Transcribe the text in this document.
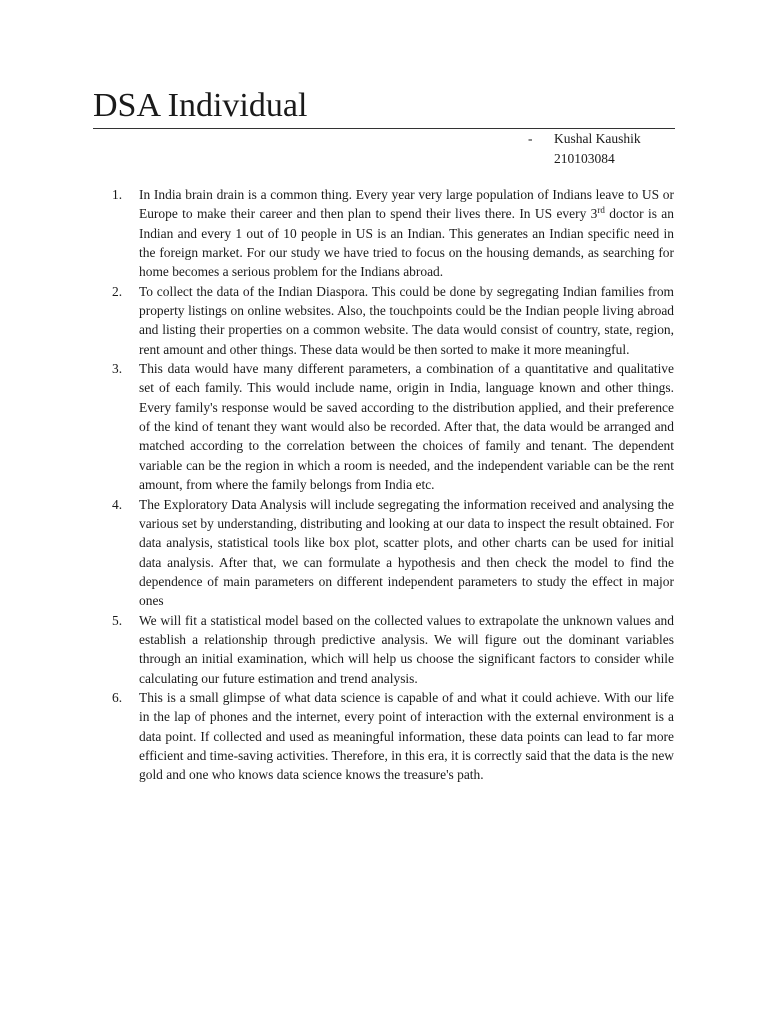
DSA Individual
-	Kushal Kaushik
210103084
1.	In India brain drain is a common thing. Every year very large population of Indians leave to US or Europe to make their career and then plan to spend their lives there. In US every 3rd doctor is an Indian and every 1 out of 10 people in US is an Indian. This generates an Indian specific need in the foreign market. For our study we have tried to focus on the housing demands, as searching for home becomes a serious problem for the Indians abroad.
2.	To collect the data of the Indian Diaspora. This could be done by segregating Indian families from property listings on online websites. Also, the touchpoints could be the Indian people living abroad and listing their properties on a common website. The data would consist of country, state, region, rent amount and other things. These data would be then sorted to make it more meaningful.
3.	This data would have many different parameters, a combination of a quantitative and qualitative set of each family. This would include name, origin in India, language known and other things. Every family's response would be saved according to the distribution applied, and their preference of the kind of tenant they want would also be recorded. After that, the data would be arranged and matched according to the correlation between the choices of family and tenant. The dependent variable can be the region in which a room is needed, and the independent variable can be the rent amount, from where the family belongs from India etc.
4.	The Exploratory Data Analysis will include segregating the information received and analysing the various set by understanding, distributing and looking at our data to inspect the result obtained. For data analysis, statistical tools like box plot, scatter plots, and other charts can be used for initial data analysis. After that, we can formulate a hypothesis and then check the model to find the dependence of main parameters on different independent parameters to study the effect in major ones
5.	We will fit a statistical model based on the collected values to extrapolate the unknown values and establish a relationship through predictive analysis. We will figure out the dominant variables through an initial examination, which will help us choose the significant factors to consider while calculating our future estimation and trend analysis.
6.	This is a small glimpse of what data science is capable of and what it could achieve. With our life in the lap of phones and the internet, every point of interaction with the external environment is a data point. If collected and used as meaningful information, these data points can lead to far more efficient and time-saving activities. Therefore, in this era, it is correctly said that the data is the new gold and one who knows data science knows the treasure's path.
